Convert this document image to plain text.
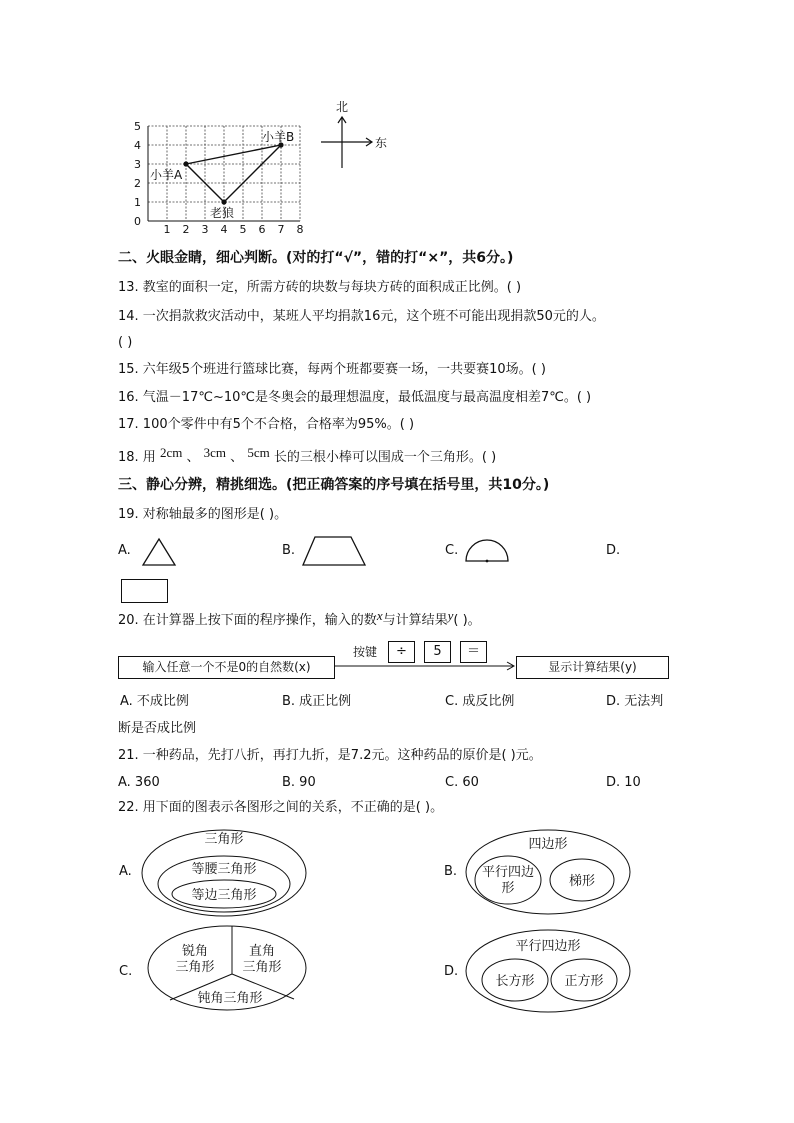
0
1
2
3
4
5
1 2 3 4 5 6 7 8
小羊A
小羊B
老狼
北
东
二、火眼金睛，细心判断。(对的打“√”，错的打“×”，共6分。)
13. 教室的面积一定，所需方砖的块数与每块方砖的面积成正比例。( )
14. 一次捐款救灾活动中，某班人平均捐款16元，这个班不可能出现捐款50元的人。
( )
15. 六年级5个班进行篮球比赛，每两个班都要赛一场，一共要赛10场。( )
16. 气温－17℃~10℃是冬奥会的最理想温度，最低温度与最高温度相差7℃。( )
17. 100个零件中有5个不合格，合格率为95%。( )
18. 用 2cm 、 3cm 、 5cm 长的三根小棒可以围成一个三角形。( )
三、静心分辨，精挑细选。(把正确答案的序号填在括号里，共10分。)
19. 对称轴最多的图形是( )。
A.	B.	C.	D.
20. 在计算器上按下面的程序操作，输入的数x与计算结果y( )。
输入任意一个不是0的自然数(x)
按键	÷	5	＝
显示计算结果(y)
A. 不成比例	B. 成正比例	C. 成反比例	D. 无法判
断是否成比例
21. 一种药品，先打八折，再打九折，是7.2元。这种药品的原价是( )元。
A. 360	B. 90	C. 60	D. 10
22. 用下面的图表示各图形之间的关系，不正确的是( )。
A.
三角形
等腰三角形
等边三角形
B.
四边形
平行四边
形	梯形
C.
锐角
三角形
直角
三角形
钝角三角形
D.
平行四边形
长方形 正方形
